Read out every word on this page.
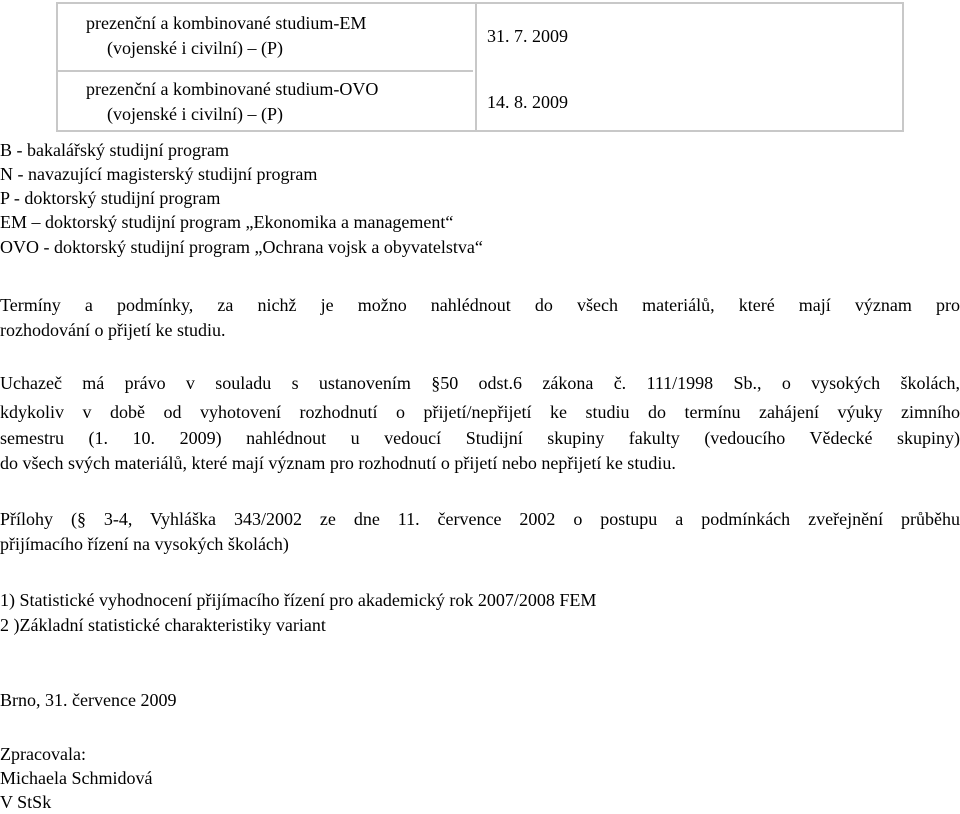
prezenční a kombinované studium-EM
(vojenské i civilní) – (P)
31. 7. 2009
prezenční a kombinované studium-OVO
(vojenské i civilní) – (P)
14. 8. 2009
B - bakalářský studijní program
N - navazující magisterský studijní program
P - doktorský studijní program
EM – doktorský studijní program „Ekonomika a management“
OVO - doktorský studijní program „Ochrana vojsk a obyvatelstva“
Termíny a podmínky, za nichž je možno nahlédnout do všech materiálů, které mají význam pro
rozhodování o přijetí ke studiu.
Uchazeč má právo v souladu s ustanovením §50 odst.6 zákona č. 111/1998 Sb., o vysokých školách,
kdykoliv v době od vyhotovení rozhodnutí o přijetí/nepřijetí ke studiu do termínu zahájení výuky zimního
semestru (1. 10. 2009) nahlédnout u vedoucí Studijní skupiny fakulty (vedoucího Vědecké skupiny)
do všech svých materiálů, které mají význam pro rozhodnutí o přijetí nebo nepřijetí ke studiu.
Přílohy (§ 3-4, Vyhláška 343/2002 ze dne 11. července 2002 o postupu a podmínkách zveřejnění průběhu
přijímacího řízení na vysokých školách)
1) Statistické vyhodnocení přijímacího řízení pro akademický rok 2007/2008 FEM
2 )Základní statistické charakteristiky variant
Brno, 31. července 2009
Zpracovala:
Michaela Schmidová
V StSk
